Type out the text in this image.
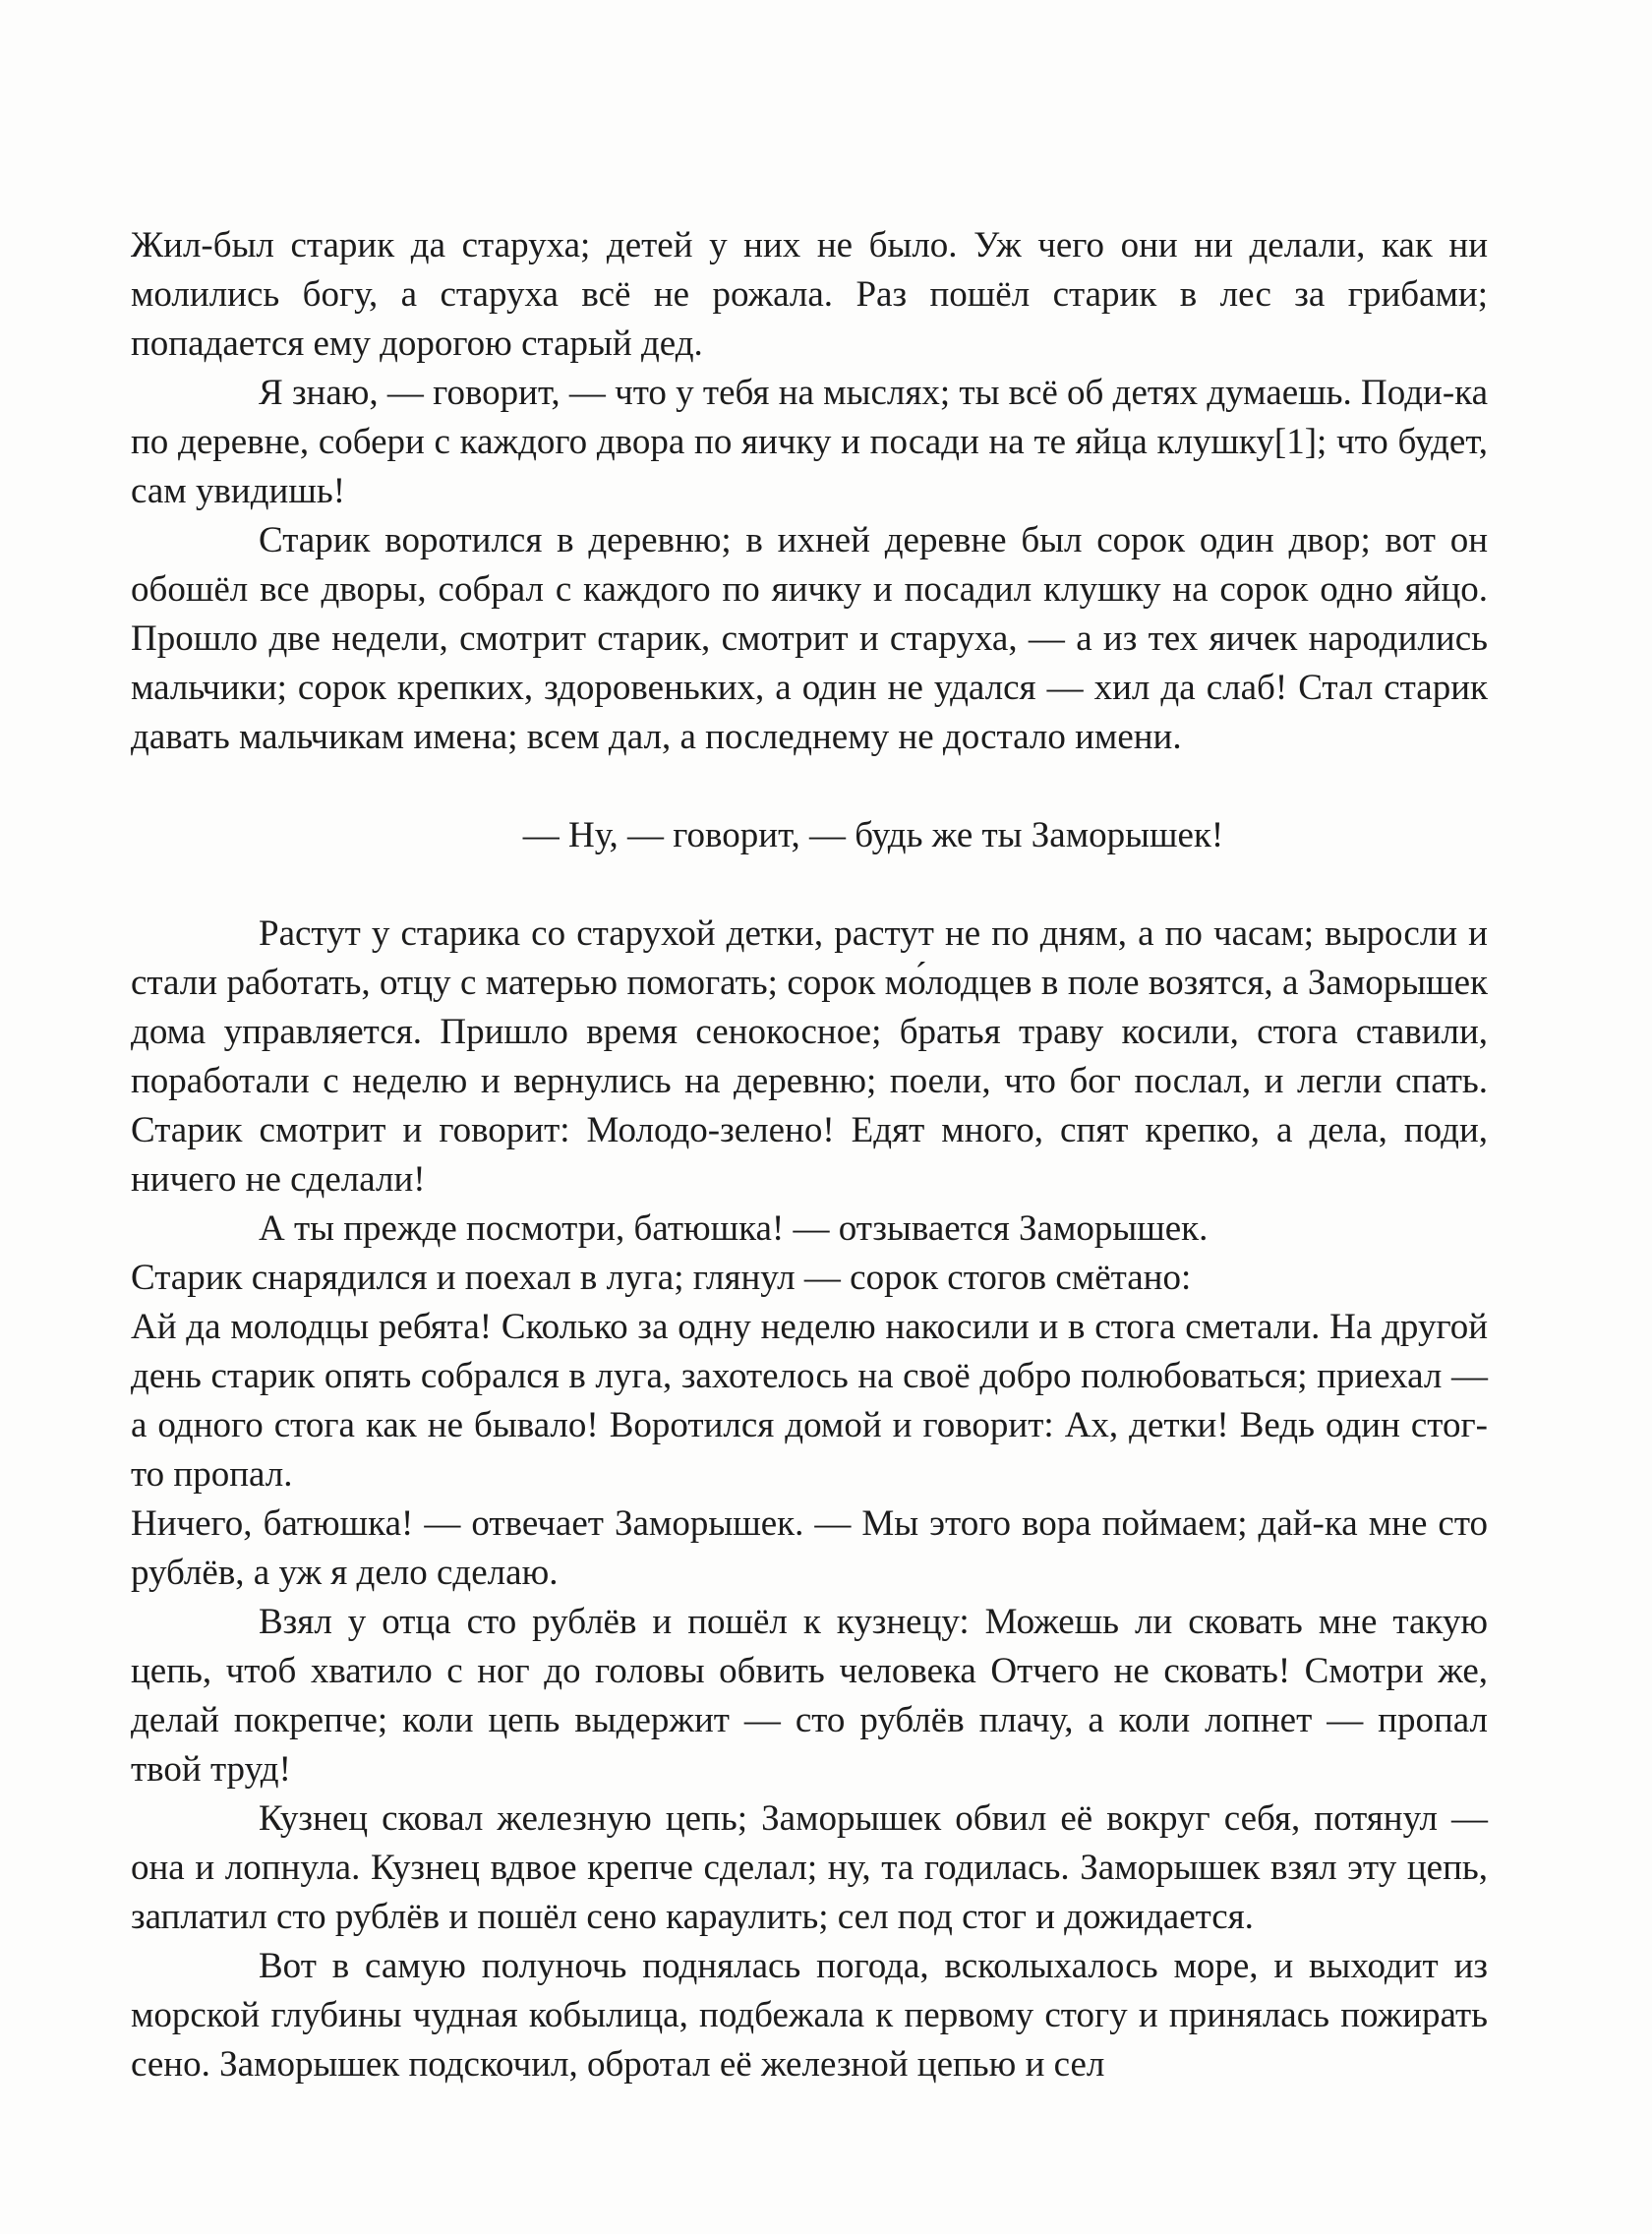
Жил-был старик да старуха; детей у них не было. Уж чего они ни делали, как ни молились богу, а старуха всё не рожала. Раз пошёл старик в лес за грибами; попадается ему дорогою старый дед.

Я знаю, — говорит, — что у тебя на мыслях; ты всё об детях думаешь. Поди-ка по деревне, собери с каждого двора по яичку и посади на те яйца клушку[1]; что будет, сам увидишь!

Старик воротился в деревню; в ихней деревне был сорок один двор; вот он обошёл все дворы, собрал с каждого по яичку и посадил клушку на сорок одно яйцо. Прошло две недели, смотрит старик, смотрит и старуха, — а из тех яичек народились мальчики; сорок крепких, здоровеньких, а один не удался — хил да слаб! Стал старик давать мальчикам имена; всем дал, а последнему не достало имени.

— Ну, — говорит, — будь же ты Заморышек!

Растут у старика со старухой детки, растут не по дням, а по часам; выросли и стали работать, отцу с матерью помогать; сорок мо́лодцев в поле возятся, а Заморышек дома управляется. Пришло время сенокосное; братья траву косили, стога ставили, поработали с неделю и вернулись на деревню; поели, что бог послал, и легли спать. Старик смотрит и говорит: Молодо-зелено! Едят много, спят крепко, а дела, поди, ничего не сделали!

А ты прежде посмотри, батюшка! — отзывается Заморышек.

Старик снарядился и поехал в луга; глянул — сорок стогов смётано:

Ай да молодцы ребята! Сколько за одну неделю накосили и в стога сметали. На другой день старик опять собрался в луга, захотелось на своё добро полюбоваться; приехал — а одного стога как не бывало! Воротился домой и говорит: Ах, детки! Ведь один стог-то пропал.

Ничего, батюшка! — отвечает Заморышек. — Мы этого вора поймаем; дай-ка мне сто рублёв, а уж я дело сделаю.

Взял у отца сто рублёв и пошёл к кузнецу: Можешь ли сковать мне такую цепь, чтоб хватило с ног до головы обвить человека Отчего не сковать! Смотри же, делай покрепче; коли цепь выдержит — сто рублёв плачу, а коли лопнет — пропал твой труд!

Кузнец сковал железную цепь; Заморышек обвил её вокруг себя, потянул — она и лопнула. Кузнец вдвое крепче сделал; ну, та годилась. Заморышек взял эту цепь, заплатил сто рублёв и пошёл сено караулить; сел под стог и дожидается.

Вот в самую полуночь поднялась погода, всколыхалось море, и выходит из морской глубины чудная кобылица, подбежала к первому стогу и принялась пожирать сено. Заморышек подскочил, обротал её железной цепью и сел
